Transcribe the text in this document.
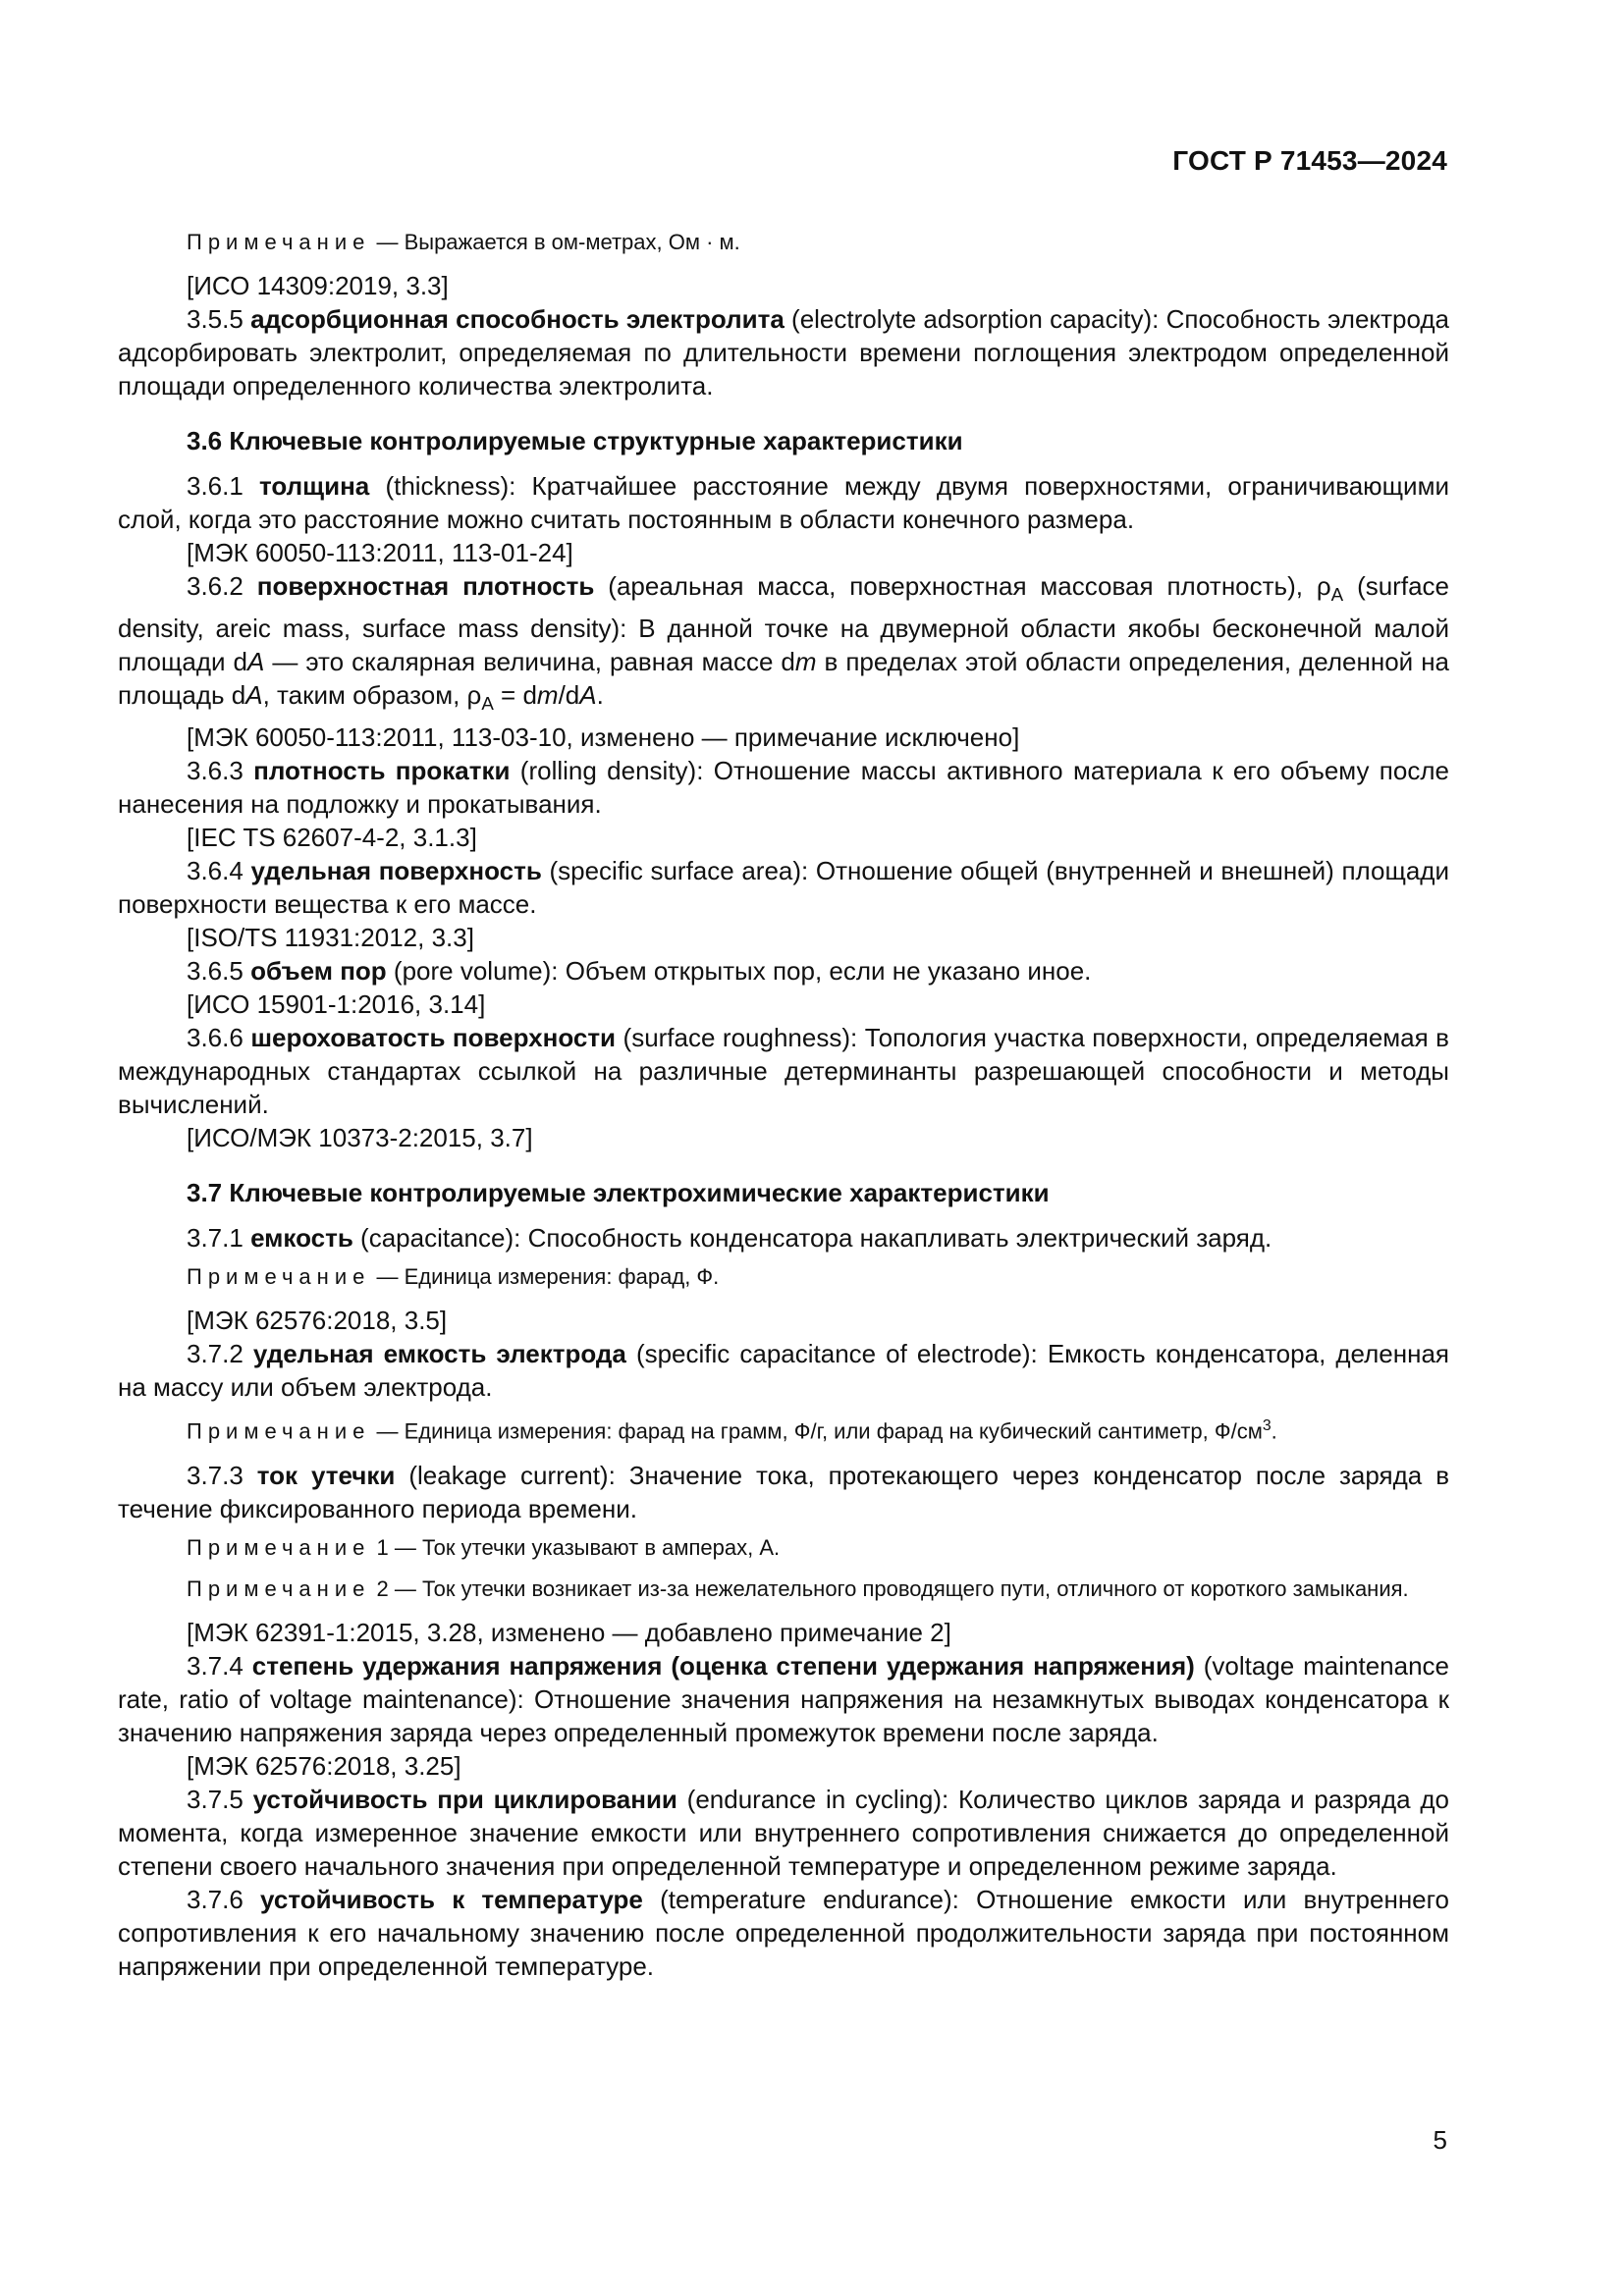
ГОСТ Р 71453—2024

Примечание — Выражается в ом-метрах, Ом · м.

[ИСО 14309:2019, 3.3]

3.5.5 адсорбционная способность электролита (electrolyte adsorption capacity): Способность электрода адсорбировать электролит, определяемая по длительности времени поглощения электродом определенной площади определенного количества электролита.

3.6 Ключевые контролируемые структурные характеристики

3.6.1 толщина (thickness): Кратчайшее расстояние между двумя поверхностями, ограничивающими слой, когда это расстояние можно считать постоянным в области конечного размера.

[МЭК 60050-113:2011, 113-01-24]

3.6.2 поверхностная плотность (ареальная масса, поверхностная массовая плотность), $\rho_A$ (surface density, areic mass, surface mass density): В данной точке на двумерной области якобы бесконечной малой площади dA — это скалярная величина, равная массе dm в пределах этой области определения, деленной на площадь dA, таким образом, $\rho_A = dm/dA$.

[МЭК 60050-113:2011, 113-03-10, изменено — примечание исключено]

3.6.3 плотность прокатки (rolling density): Отношение массы активного материала к его объему после нанесения на подложку и прокатывания.

[IEC TS 62607-4-2, 3.1.3]

3.6.4 удельная поверхность (specific surface area): Отношение общей (внутренней и внешней) площади поверхности вещества к его массе.

[ISO/TS 11931:2012, 3.3]

3.6.5 объем пор (pore volume): Объем открытых пор, если не указано иное.

[ИСО 15901-1:2016, 3.14]

3.6.6 шероховатость поверхности (surface roughness): Топология участка поверхности, определяемая в международных стандартах ссылкой на различные детерминанты разрешающей способности и методы вычислений.

[ИСО/МЭК 10373-2:2015, 3.7]

3.7 Ключевые контролируемые электрохимические характеристики

3.7.1 емкость (capacitance): Способность конденсатора накапливать электрический заряд.

Примечание — Единица измерения: фарад, Ф.

[МЭК 62576:2018, 3.5]

3.7.2 удельная емкость электрода (specific capacitance of electrode): Емкость конденсатора, деленная на массу или объем электрода.

Примечание — Единица измерения: фарад на грамм, Ф/г, или фарад на кубический сантиметр, $Ф/см^3$.

3.7.3 ток утечки (leakage current): Значение тока, протекающего через конденсатор после заряда в течение фиксированного периода времени.

Примечание 1 — Ток утечки указывают в амперах, А.

Примечание 2 — Ток утечки возникает из-за нежелательного проводящего пути, отличного от короткого замыкания.

[МЭК 62391-1:2015, 3.28, изменено — добавлено примечание 2]

3.7.4 степень удержания напряжения (оценка степени удержания напряжения) (voltage maintenance rate, ratio of voltage maintenance): Отношение значения напряжения на незамкнутых выводах конденсатора к значению напряжения заряда через определенный промежуток времени после заряда.

[МЭК 62576:2018, 3.25]

3.7.5 устойчивость при циклировании (endurance in cycling): Количество циклов заряда и разряда до момента, когда измеренное значение емкости или внутреннего сопротивления снижается до определенной степени своего начального значения при определенной температуре и определенном режиме заряда.

3.7.6 устойчивость к температуре (temperature endurance): Отношение емкости или внутреннего сопротивления к его начальному значению после определенной продолжительности заряда при постоянном напряжении при определенной температуре.

5
